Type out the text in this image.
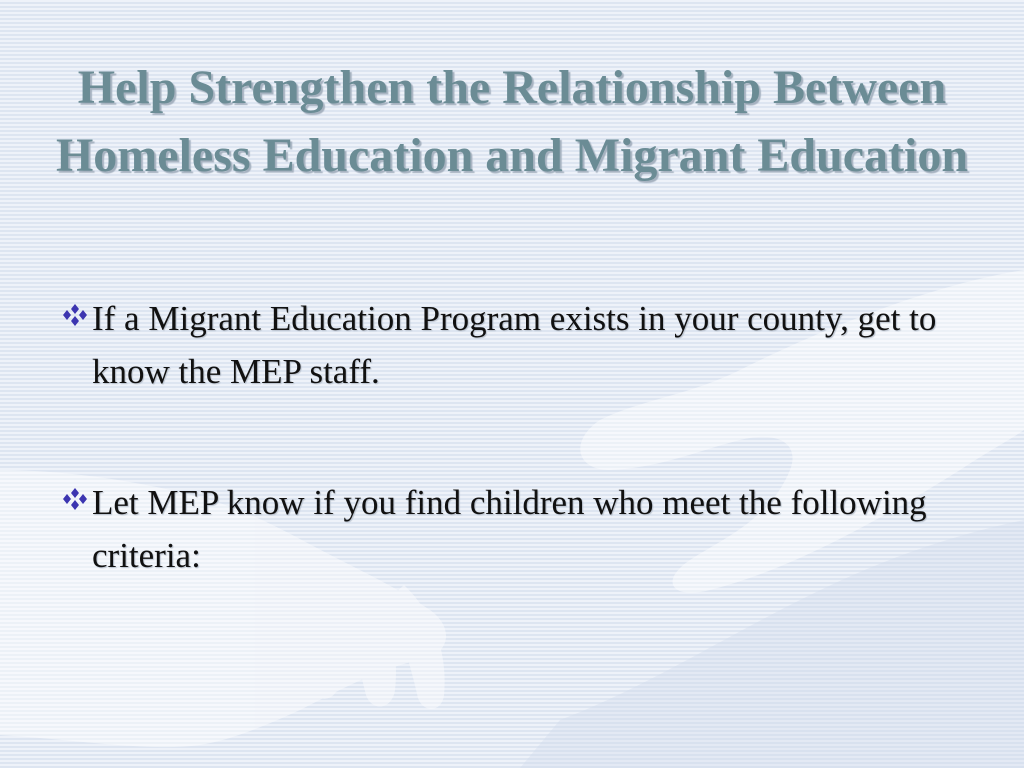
Help Strengthen the Relationship Between Homeless Education and Migrant Education
If a Migrant Education Program exists in your county, get to know the MEP staff.
Let MEP know if you find children who meet the following criteria:
